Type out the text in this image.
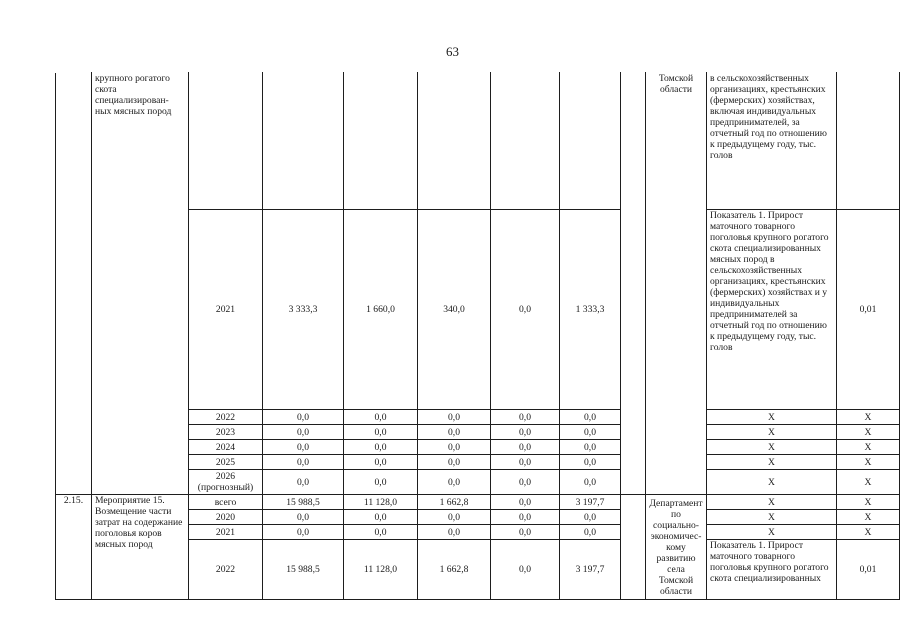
63
	крупного рогатого скота специализирован-ных мясных пород								Томской области	в сельскохозяйственных организациях, крестьянских (фермерских) хозяйствах, включая индивидуальных предпринимателей, за отчетный год по отношению к предыдущему году, тыс. голов	
		2021	3 333,3	1 660,0	340,0	0,0	1 333,3			Показатель 1. Прирост маточного товарного поголовья крупного рогатого скота специализированных мясных пород в сельскохозяйственных организациях, крестьянских (фермерских) хозяйствах и у индивидуальных предпринимателей за отчетный год по отношению к предыдущему году, тыс. голов	0,01
		2022	0,0	0,0	0,0	0,0	0,0			Х	Х
		2023	0,0	0,0	0,0	0,0	0,0			Х	Х
		2024	0,0	0,0	0,0	0,0	0,0			Х	Х
		2025	0,0	0,0	0,0	0,0	0,0			Х	Х
		2026 (прогнозный)	0,0	0,0	0,0	0,0	0,0			Х	Х
2.15.	Мероприятие 15. Возмещение части затрат на содержание поголовья коров мясных пород	всего	15 988,5	11 128,0	1 662,8	0,0	3 197,7		Департамент по социально-экономичес-кому развитию села Томской области	Х	Х
		2020	0,0	0,0	0,0	0,0	0,0			Х	Х
		2021	0,0	0,0	0,0	0,0	0,0			Х	Х
		2022	15 988,5	11 128,0	1 662,8	0,0	3 197,7			Показатель 1. Прирост маточного товарного поголовья крупного рогатого скота специализированных	0,01
